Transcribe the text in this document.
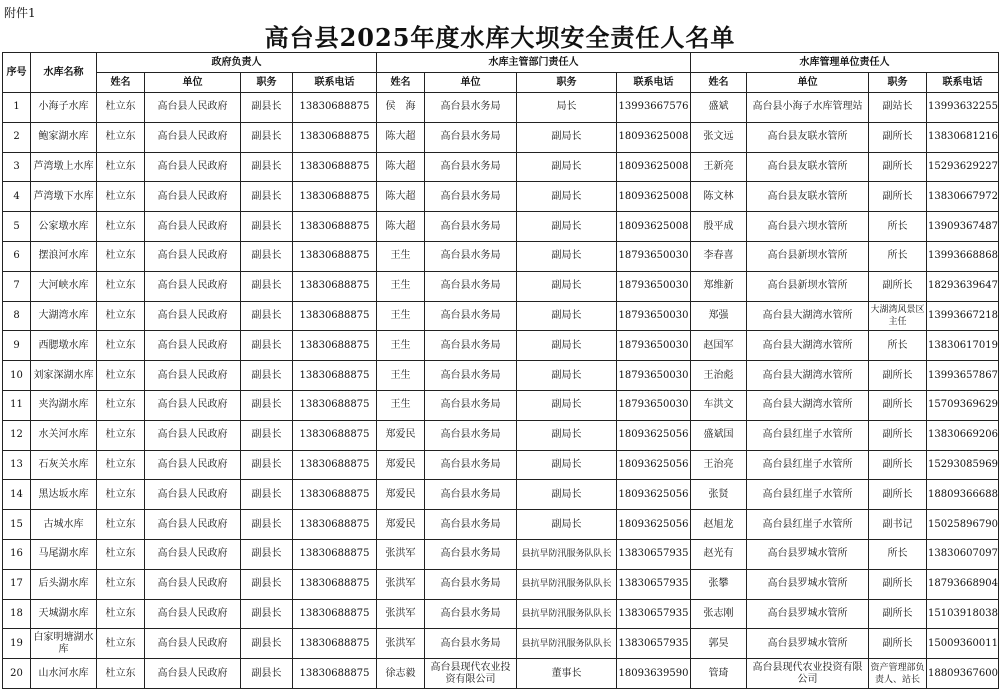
附件1
高台县2025年度水库大坝安全责任人名单
序号	水库名称	政府负责人				水库主管部门责任人				水库管理单位责任人			
		姓名	单位	职务	联系电话	姓名	单位	职务	联系电话	姓名	单位	职务	联系电话
1	小海子水库	杜立东	高台县人民政府	副县长	13830688875	侯　海	高台县水务局	局长	13993667576	盛斌	高台县小海子水库管理站	副站长	13993632255
2	鲍家湖水库	杜立东	高台县人民政府	副县长	13830688875	陈大超	高台县水务局	副局长	18093625008	张文远	高台县友联水管所	副所长	13830681216
3	芦湾墩上水库	杜立东	高台县人民政府	副县长	13830688875	陈大超	高台县水务局	副局长	18093625008	王新亮	高台县友联水管所	副所长	15293629227
4	芦湾墩下水库	杜立东	高台县人民政府	副县长	13830688875	陈大超	高台县水务局	副局长	18093625008	陈文林	高台县友联水管所	副所长	13830667972
5	公家墩水库	杜立东	高台县人民政府	副县长	13830688875	陈大超	高台县水务局	副局长	18093625008	殷平成	高台县六坝水管所	所长	13909367487
6	摆浪河水库	杜立东	高台县人民政府	副县长	13830688875	王生	高台县水务局	副局长	18793650030	李春喜	高台县新坝水管所	所长	13993668868
7	大河峡水库	杜立东	高台县人民政府	副县长	13830688875	王生	高台县水务局	副局长	18793650030	郑维新	高台县新坝水管所	副所长	18293639647
8	大湖湾水库	杜立东	高台县人民政府	副县长	13830688875	王生	高台县水务局	副局长	18793650030	郑强	高台县大湖湾水管所	大湖湾风景区主任	13993667218
9	西腮墩水库	杜立东	高台县人民政府	副县长	13830688875	王生	高台县水务局	副局长	18793650030	赵国军	高台县大湖湾水管所	所长	13830617019
10	刘家深湖水库	杜立东	高台县人民政府	副县长	13830688875	王生	高台县水务局	副局长	18793650030	王治彪	高台县大湖湾水管所	副所长	13993657867
11	夹沟湖水库	杜立东	高台县人民政府	副县长	13830688875	王生	高台县水务局	副局长	18793650030	车洪文	高台县大湖湾水管所	副所长	15709369629
12	水关河水库	杜立东	高台县人民政府	副县长	13830688875	郑爱民	高台县水务局	副局长	18093625056	盛斌国	高台县红崖子水管所	副所长	13830669206
13	石灰关水库	杜立东	高台县人民政府	副县长	13830688875	郑爱民	高台县水务局	副局长	18093625056	王治亮	高台县红崖子水管所	副所长	15293085969
14	黑达坂水库	杜立东	高台县人民政府	副县长	13830688875	郑爱民	高台县水务局	副局长	18093625056	张贤	高台县红崖子水管所	副所长	18809366688
15	古城水库	杜立东	高台县人民政府	副县长	13830688875	郑爱民	高台县水务局	副局长	18093625056	赵旭龙	高台县红崖子水管所	副书记	15025896790
16	马尾湖水库	杜立东	高台县人民政府	副县长	13830688875	张洪军	高台县水务局	县抗旱防汛服务队队长	13830657935	赵光有	高台县罗城水管所	所长	13830607097
17	后头湖水库	杜立东	高台县人民政府	副县长	13830688875	张洪军	高台县水务局	县抗旱防汛服务队队长	13830657935	张攀	高台县罗城水管所	副所长	18793668904
18	天城湖水库	杜立东	高台县人民政府	副县长	13830688875	张洪军	高台县水务局	县抗旱防汛服务队队长	13830657935	张志刚	高台县罗城水管所	副所长	15103918038
19	白家明塘湖水库	杜立东	高台县人民政府	副县长	13830688875	张洪军	高台县水务局	县抗旱防汛服务队队长	13830657935	郭昊	高台县罗城水管所	副所长	15009360011
20	山水河水库	杜立东	高台县人民政府	副县长	13830688875	徐志毅	高台县现代农业投资有限公司	董事长	18093639590	管琦	高台县现代农业投资有限公司	资产管理部负责人、站长	18809367600
